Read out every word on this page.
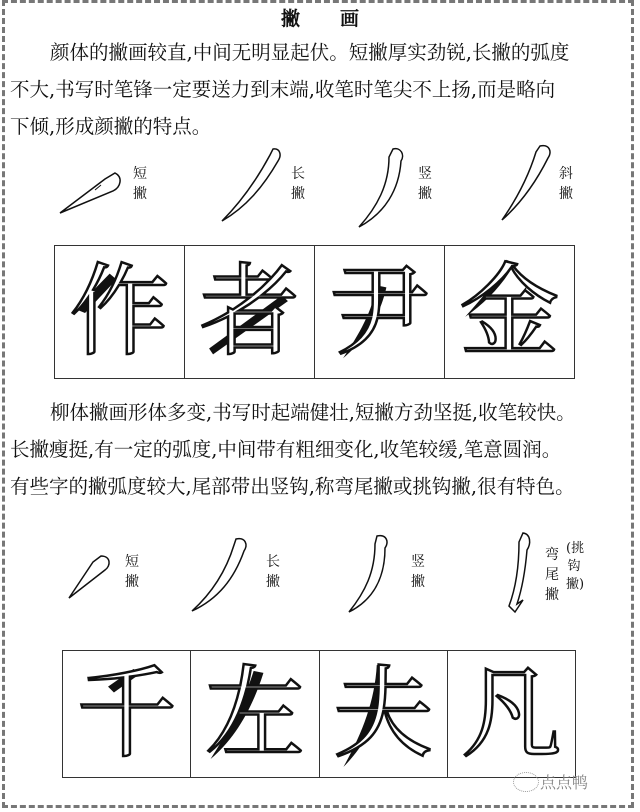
撇画

颜体的撇画较直,中间无明显起伏。短撇厚实劲锐,长撇的弧度

不大,书写时笔锋一定要送力到末端,收笔时笔尖不上扬,而是略向

下倾,形成颜撇的特点。

短撇
长撇
竖撇
斜撇
作 者 尹 金

柳体撇画形体多变,书写时起端健壮,短撇方劲坚挺,收笔较快。

长撇瘦挺,有一定的弧度,中间带有粗细变化,收笔较缓,笔意圆润。

有些字的撇弧度较大,尾部带出竖钩,称弯尾撇或挑钩撇,很有特色。

短撇
长撇
竖撇
弯尾撇
(挑钩撇)
千 左 夫 凡
点点鸭
